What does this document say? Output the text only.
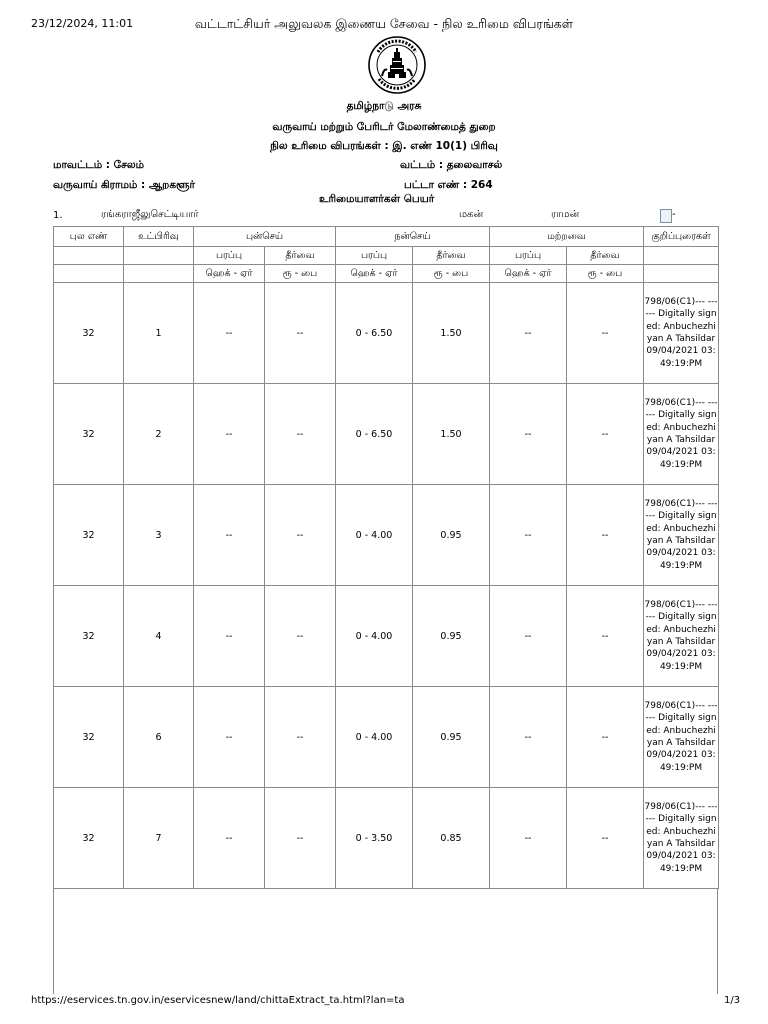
23/12/2024, 11:01	வட்டாட்சியர் அலுவலக இணைய சேவை - நில உரிமை விபரங்கள்
தமிழ்நாடு அரசு
வருவாய் மற்றும் பேரிடர் மேலாண்மைத் துறை
நில உரிமை விபரங்கள் : இ. எண் 10(1) பிரிவு
மாவட்டம் : சேலம்	வட்டம் : தலைவாசல்
வருவாய் கிராமம் : ஆறகளூர்	பட்டா எண் : 264
உரிமையாளர்கள் பெயர்
1.	ரங்கராஜீலுசெட்டியார்	மகன்	ராமன்	-
புல எண்	உட்பிரிவு	புன்செய்		நன்செய்		மற்றவை		குறிப்புரைகள்
		பரப்பு	தீர்வை	பரப்பு	தீர்வை	பரப்பு	தீர்வை	
		ஹெக் - ஏர்	ரூ - பை	ஹெக் - ஏர்	ரூ - பை	ஹெக் - ஏர்	ரூ - பை	
32	1	--	--	0 - 6.50	1.50	--	--	798/06(C1)--- ------ Digitally signed: Anbuchezhiyan A Tahsildar 09/04/2021 03:49:19:PM
32	2	--	--	0 - 6.50	1.50	--	--	798/06(C1)--- ------ Digitally signed: Anbuchezhiyan A Tahsildar 09/04/2021 03:49:19:PM
32	3	--	--	0 - 4.00	0.95	--	--	798/06(C1)--- ------ Digitally signed: Anbuchezhiyan A Tahsildar 09/04/2021 03:49:19:PM
32	4	--	--	0 - 4.00	0.95	--	--	798/06(C1)--- ------ Digitally signed: Anbuchezhiyan A Tahsildar 09/04/2021 03:49:19:PM
32	6	--	--	0 - 4.00	0.95	--	--	798/06(C1)--- ------ Digitally signed: Anbuchezhiyan A Tahsildar 09/04/2021 03:49:19:PM
32	7	--	--	0 - 3.50	0.85	--	--	798/06(C1)--- ------ Digitally signed: Anbuchezhiyan A Tahsildar 09/04/2021 03:49:19:PM
https://eservices.tn.gov.in/eservicesnew/land/chittaExtract_ta.html?lan=ta	1/3
